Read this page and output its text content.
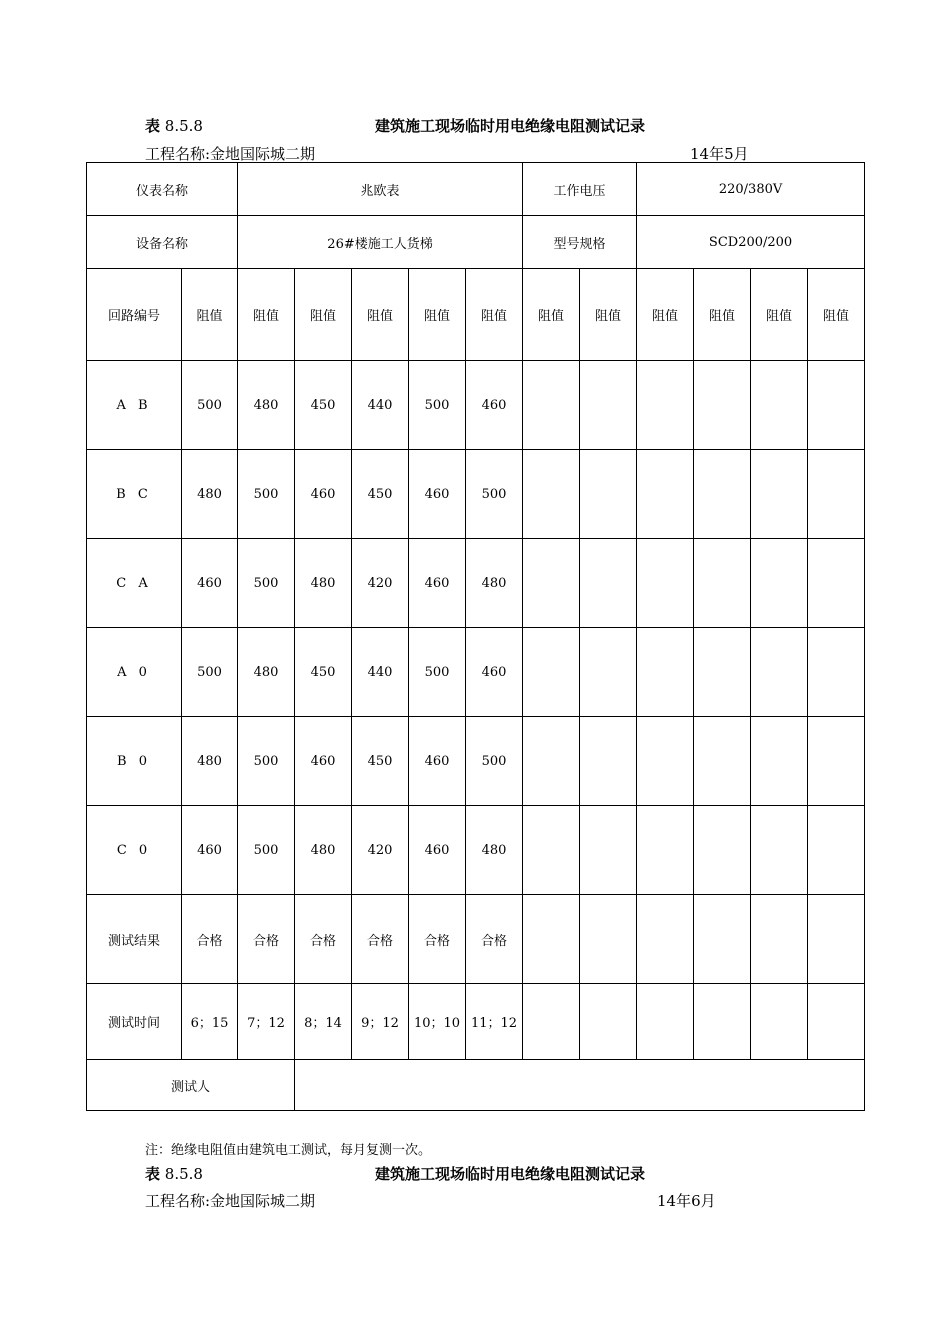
表 8.5.8	建筑施工现场临时用电绝缘电阻测试记录
工程名称:金地国际城二期	14年5月
仪表名称		兆欧表					工作电压		220/380V			
设备名称		26#楼施工人货梯					型号规格		SCD200/200			
回路编号	阻值	阻值	阻值	阻值	阻值	阻值	阻值	阻值	阻值	阻值	阻值	阻值
A B	500	480	450	440	500	460						
B C	480	500	460	450	460	500						
C A	460	500	480	420	460	480						
A 0	500	480	450	440	500	460						
B 0	480	500	460	450	460	500						
C 0	460	500	480	420	460	480						
测试结果	合格	合格	合格	合格	合格	合格						
测试时间	6；15	7；12	8；14	9；12	10；10	11；12						
测试人												
注：绝缘电阻值由建筑电工测试，每月复测一次。
表 8.5.8	建筑施工现场临时用电绝缘电阻测试记录
工程名称:金地国际城二期	14年6月
